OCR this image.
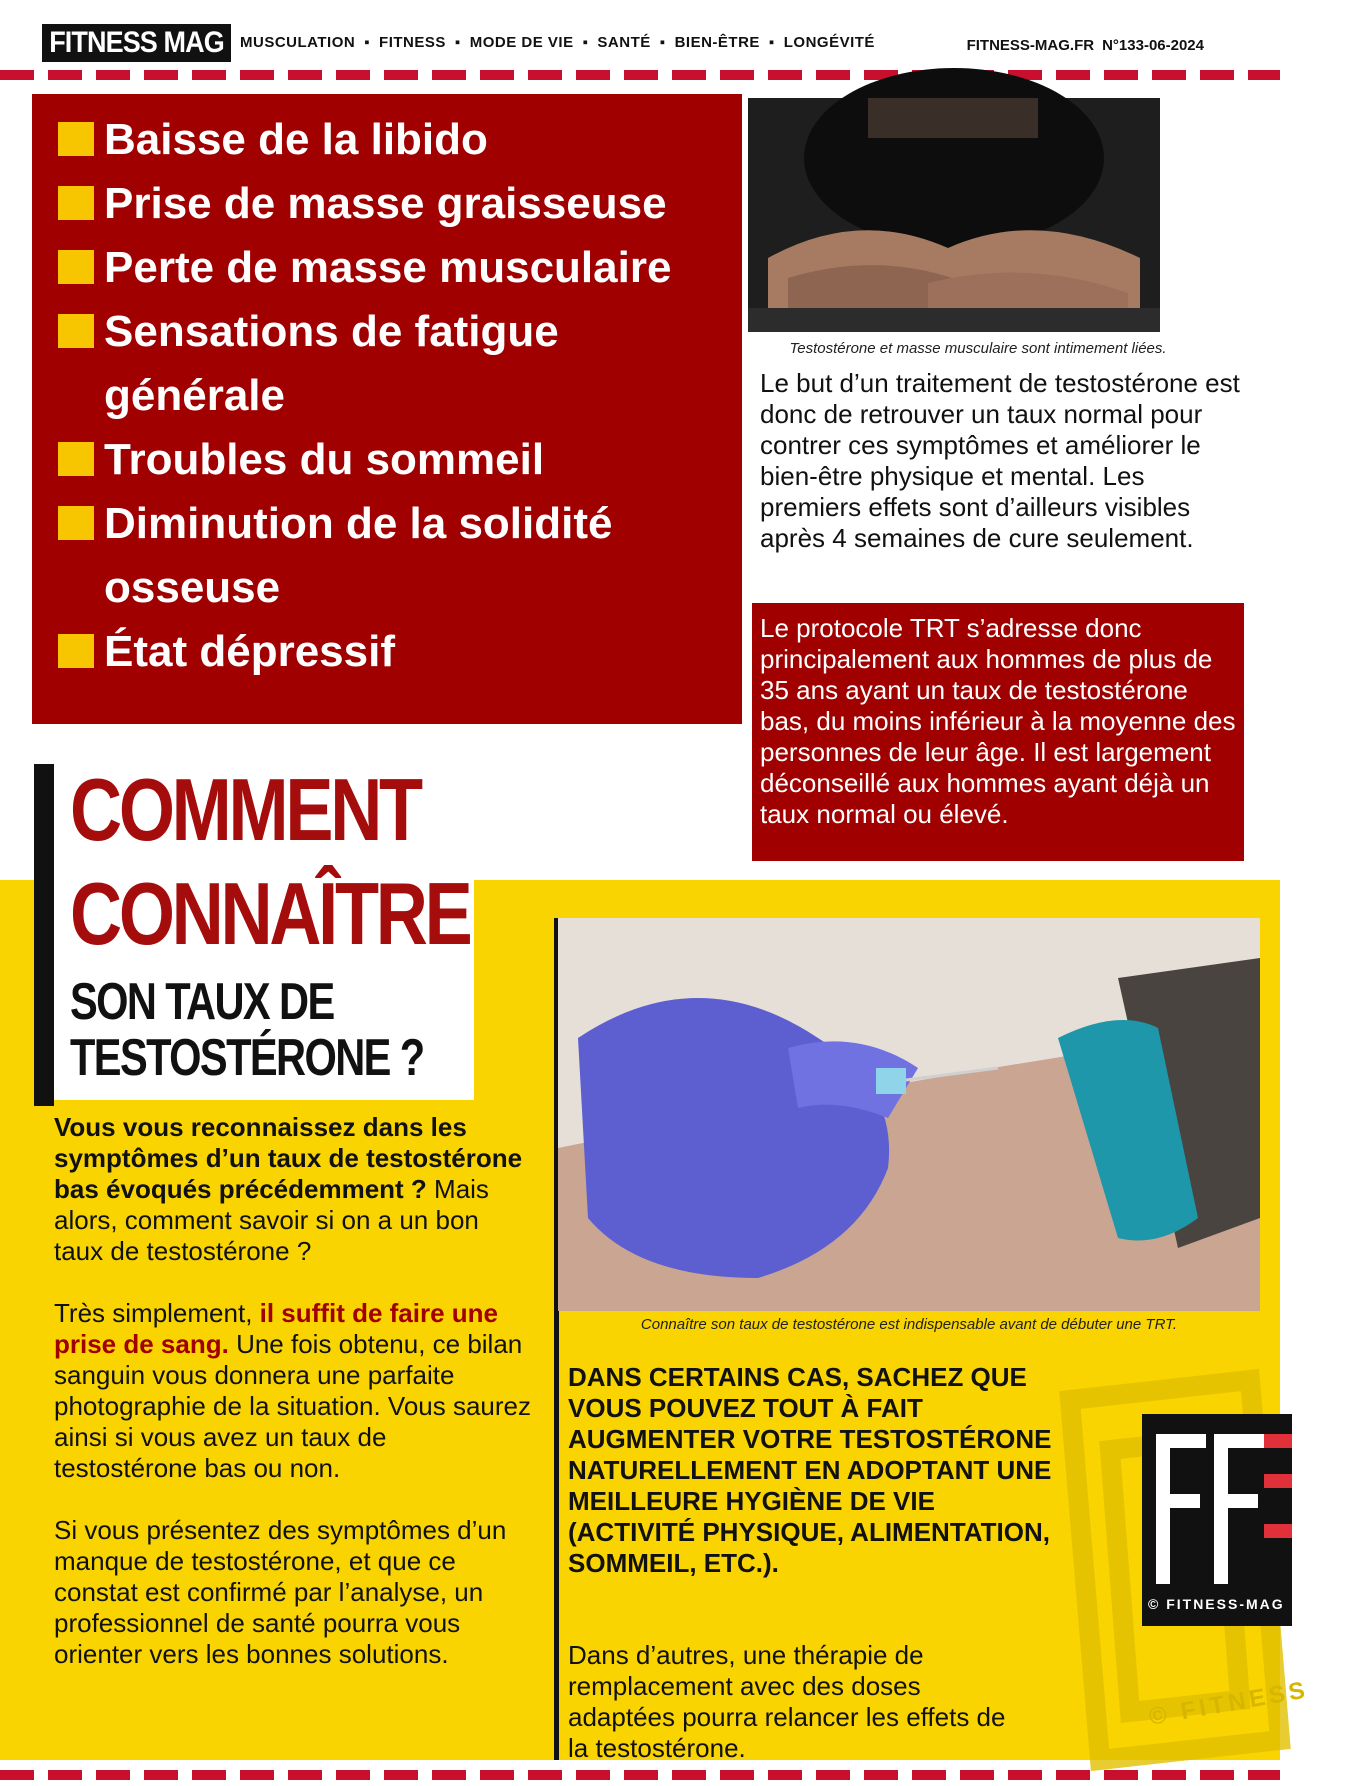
FITNESS MAG	MUSCULATION ▪ FITNESS ▪ MODE DE VIE ▪ SANTÉ ▪ BIEN-ÊTRE ▪ LONGÉVITÉ	FITNESS-MAG.FR N°133-06-2024
Baisse de la libido
Prise de masse graisseuse
Perte de masse musculaire
Sensations de fatigue générale
Troubles du sommeil
Diminution de la solidité osseuse
État dépressif
Testostérone et masse musculaire sont intimement liées.
Le but d’un traitement de testostérone est donc de retrouver un taux normal pour contrer ces symptômes et améliorer le bien-être physique et mental. Les premiers effets sont d’ailleurs visibles après 4 semaines de cure seulement.
Le protocole TRT s’adresse donc principalement aux hommes de plus de 35 ans ayant un taux de testostérone bas, du moins inférieur à la moyenne des personnes de leur âge. Il est largement déconseillé aux hommes ayant déjà un taux normal ou élevé.
COMMENT
CONNAÎTRE
SON TAUX DE
TESTOSTÉRONE ?

Vous vous reconnaissez dans les symptômes d’un taux de testostérone bas évoqués précédemment ? Mais alors, comment savoir si on a un bon taux de testostérone ?

Très simplement, il suffit de faire une prise de sang. Une fois obtenu, ce bilan sanguin vous donnera une parfaite photographie de la situation. Vous saurez ainsi si vous avez un taux de testostérone bas ou non.

Si vous présentez des symptômes d’un manque de testostérone, et que ce constat est confirmé par l’analyse, un professionnel de santé pourra vous orienter vers les bonnes solutions.

Connaître son taux de testostérone est indispensable avant de débuter une TRT.
DANS CERTAINS CAS, SACHEZ QUE VOUS POUVEZ TOUT À FAIT AUGMENTER VOTRE TESTOSTÉRONE NATURELLEMENT EN ADOPTANT UNE MEILLEURE HYGIÈNE DE VIE (ACTIVITÉ PHYSIQUE, ALIMENTATION, SOMMEIL, ETC.).
Dans d’autres, une thérapie de remplacement avec des doses adaptées pourra relancer les effets de la testostérone.
© FITNESS-MAG
© FITNESS
